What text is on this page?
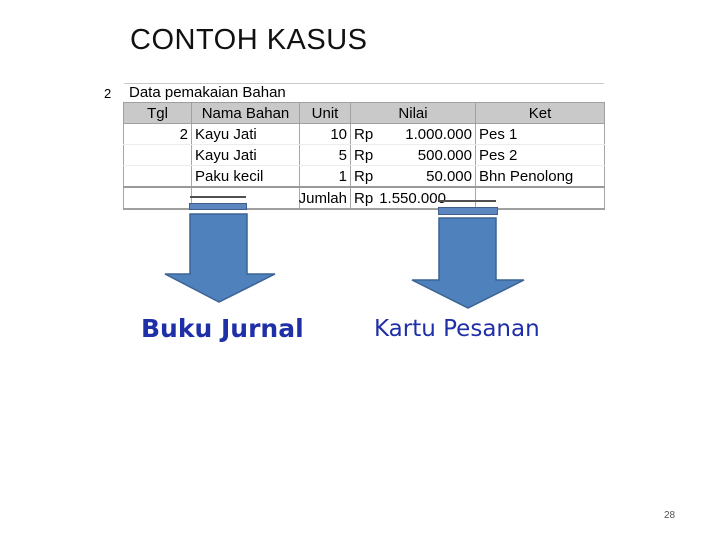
CONTOH KASUS
2 Data pemakaian Bahan
Tgl	Nama Bahan	Unit	Nilai	Ket
2	Kayu Jati	10	Rp 1.000.000	Pes 1
	Kayu Jati	5	Rp 500.000	Pes 2
	Paku kecil	1	Rp 50.000	Bhn Penolong
		Jumlah	Rp 1.550.000	

Buku Jurnal	Kartu Pesanan
28
